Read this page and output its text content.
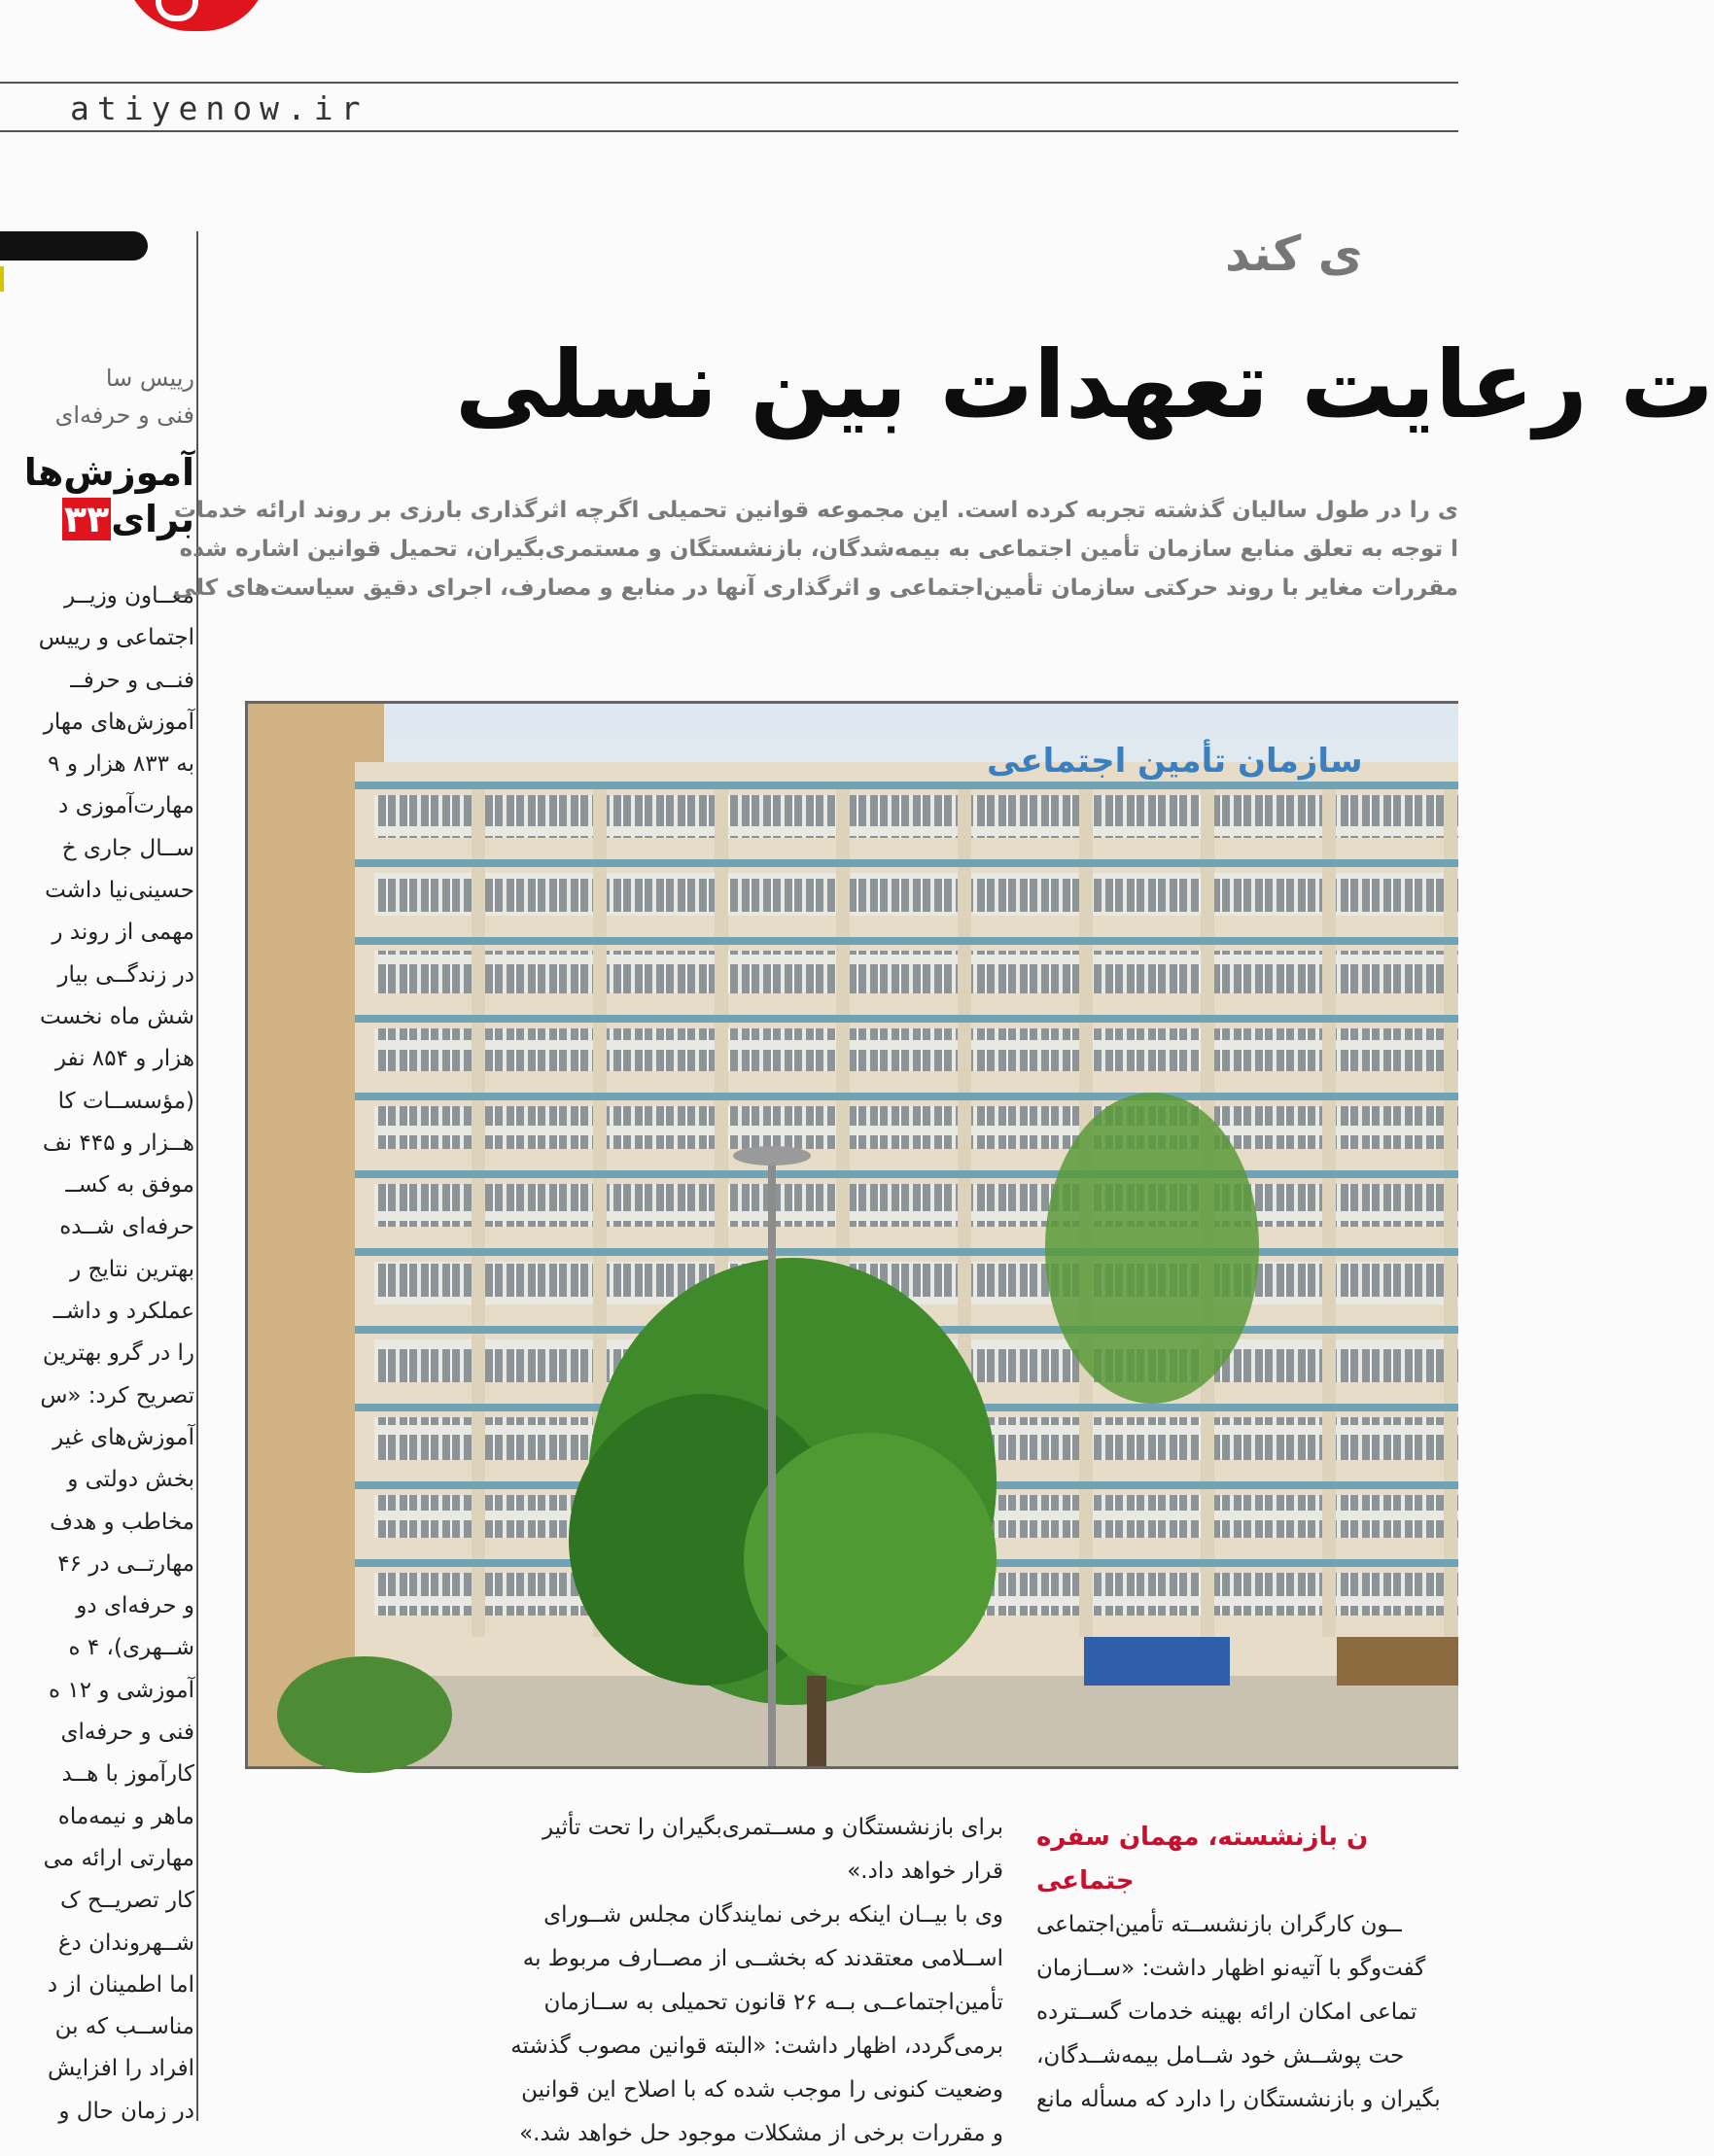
atiyenow.ir
رییس سا
فنی و حرفه‌ای
آموزش‌ها
برای۳۳
معــاون وزیــر
اجتماعی و رییس
فنــی و حرفــ
آموزش‌های مهار
به ۸۳۳ هزار و ۹
مهارت‌آموزی د
ســال جاری خ
حسینی‌نیا داشت
مهمی از روند ر
در زندگــی بیار
شش ماه نخست
هزار و ۸۵۴ نفر
(مؤسســات کا
هــزار و ۴۴۵ نف
موفق به کســ
حرفه‌ای شــده
بهترین نتایج ر
عملکرد و داشــ
را در گرو بهترین
تصریح کرد: «س
آموزش‌های غیر
بخش دولتی و
مخاطب و هدف
مهارتــی در ۴۶
و حرفه‌ای دو
شــهری)، ۴ ه
آموزشی و ۱۲ ه
فنی و حرفه‌ای
کارآموز با هــد
ماهر و نیمه‌ماه
مهارتی ارائه می
کار تصریــح ک
شــهروندان دغ
اما اطمینان از د
مناســب که بن
افراد را افزایش
در زمان حال و
ی کند
ت رعایت تعهدات بین نسلی
ی را در طول سالیان گذشته تجربه کرده است. این مجموعه قوانین تحمیلی اگرچه اثرگذاری بارزی بر روند ارائه خدمات
ا توجه به تعلق منابع سازمان تأمین اجتماعی به بیمه‌شدگان، بازنشستگان و مستمری‌بگیران، تحمیل قوانین اشاره شده
مقررات مغایر با روند حرکتی سازمان تأمین‌اجتماعی و اثرگذاری آنها در منابع و مصارف، اجرای دقیق سیاست‌های کلی
سازمان تأمین اجتماعی
برای بازنشستگان و مســتمری‌بگیران را تحت تأثیر
قرار خواهد داد.»
وی با بیــان اینکه برخی نمایندگان مجلس شــورای
اســلامی معتقدند که بخشــی از مصــارف مربوط به
تأمین‌اجتماعــی بــه ۲۶ قانون تحمیلی به ســازمان
برمی‌گردد، اظهار داشت: «البته قوانین مصوب گذشته
وضعیت کنونی را موجب شده که با اصلاح این قوانین
و مقررات برخی از مشکلات موجود حل خواهد شد.»
ن بازنشسته، مهمان سفره
جتماعی
ــون کارگران بازنشســته تأمین‌اجتماعی
گفت‌وگو با آتیه‌نو اظهار داشت: «ســازمان
تماعی امکان ارائه بهینه خدمات گســترده
حت پوشــش خود شــامل بیمه‌شــدگان،
بگیران و بازنشستگان را دارد که مسأله مانع
